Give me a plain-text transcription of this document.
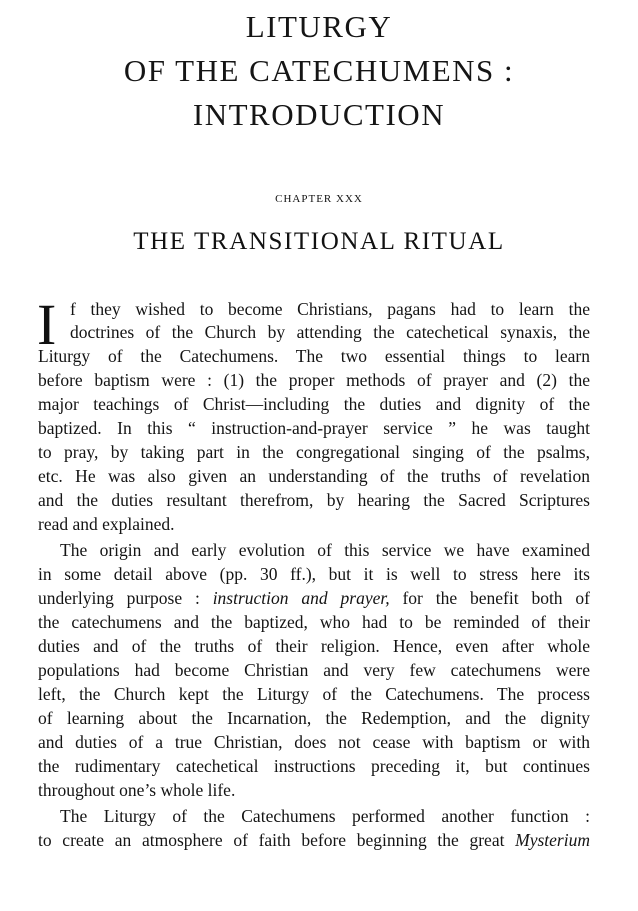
LITURGY
OF THE CATECHUMENS :
INTRODUCTION
CHAPTER XXX
THE TRANSITIONAL RITUAL
I f they wished to become Christians, pagans had to learn the
doctrines of the Church by attending the catechetical synaxis, the
Liturgy of the Catechumens. The two essential things to learn
before baptism were : (1) the proper methods of prayer and (2) the
major teachings of Christ—including the duties and dignity of the
baptized. In this “ instruction-and-prayer service ” he was taught
to pray, by taking part in the congregational singing of the psalms,
etc. He was also given an understanding of the truths of revelation
and the duties resultant therefrom, by hearing the Sacred Scriptures
read and explained.
The origin and early evolution of this service we have examined
in some detail above (pp. 30 ff.), but it is well to stress here its
underlying purpose : instruction and prayer, for the benefit both of
the catechumens and the baptized, who had to be reminded of their
duties and of the truths of their religion. Hence, even after whole
populations had become Christian and very few catechumens were
left, the Church kept the Liturgy of the Catechumens. The process
of learning about the Incarnation, the Redemption, and the dignity
and duties of a true Christian, does not cease with baptism or with
the rudimentary catechetical instructions preceding it, but continues
throughout one’s whole life.
The Liturgy of the Catechumens performed another function :
to create an atmosphere of faith before beginning the great Mysterium
